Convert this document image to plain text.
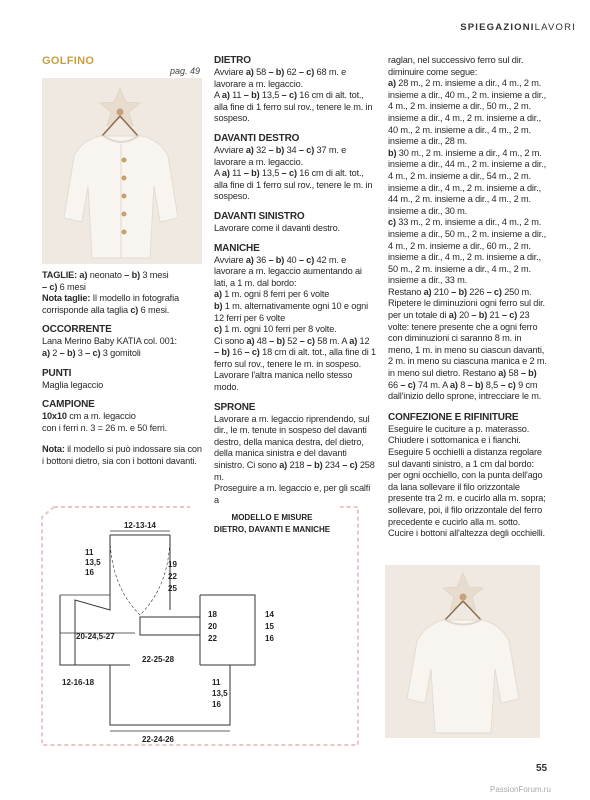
SPIEGAZIONILAVORI
GOLFINO
pag. 49

TAGLIE: a) neonato – b) 3 mesi

– c) 6 mesi

Nota taglie: Il modello in fotografia corrisponde alla taglia c) 6 mesi.

OCCORRENTE

Lana Merino Baby KATIA col. 001:

a) 2 – b) 3 – c) 3 gomitoli

PUNTI

Maglia legaccio

CAMPIONE

10x10 cm a m. legaccio

con i ferri n. 3 = 26 m. e 50 ferri.

Nota: il modello si può indossare sia con i bottoni dietro, sia con i bottoni davanti.

DIETRO

Avviare a) 58 – b) 62 – c) 68 m. e lavorare a m. legaccio.

A a) 11 – b) 13,5 – c) 16 cm di alt. tot., alla fine di 1 ferro sul rov., tenere le m. in sospeso.

DAVANTI DESTRO

Avviare a) 32 – b) 34 – c) 37 m. e lavorare a m. legaccio.

A a) 11 – b) 13,5 – c) 16 cm di alt. tot., alla fine di 1 ferro sul rov., tenere le m. in sospeso.

DAVANTI SINISTRO

Lavorare come il davanti destro.

MANICHE

Avviare a) 36 – b) 40 – c) 42 m. e lavorare a m. legaccio aumentando ai lati, a 1 m. dal bordo:

a) 1 m. ogni 8 ferri per 6 volte

b) 1 m. alternativamente ogni 10 e ogni 12 ferri per 6 volte

c) 1 m. ogni 10 ferri per 8 volte.

Ci sono a) 48 – b) 52 – c) 58 m. A a) 12 – b) 16 – c) 18 cm di alt. tot., alla fine di 1 ferro sul rov., tenere le m. in sospeso.

Lavorare l'altra manica nello stesso modo.

SPRONE

Lavorare a m. legaccio riprendendo, sul dir., le m. tenute in sospeso del davanti destro, della manica destra, del dietro, della manica sinistra e del davanti sinistro. Ci sono a) 218 – b) 234 – c) 258 m.

Proseguire a m. legaccio e, per gli scalfi a

raglan, nel successivo ferro sul dir. diminuire come segue:

a) 28 m., 2 m. insieme a dir., 4 m., 2 m. insieme a dir., 40 m., 2 m. insieme a dir., 4 m., 2 m. insieme a dir., 50 m., 2 m. insieme a dir., 4 m., 2 m. insieme a dir., 40 m., 2 m. insieme a dir., 4 m., 2 m. insieme a dir., 28 m.

b) 30 m., 2 m. insieme a dir., 4 m., 2 m. insieme a dir., 44 m., 2 m. insieme a dir., 4 m., 2 m. insieme a dir., 54 m., 2 m. insieme a dir., 4 m., 2 m. insieme a dir., 44 m., 2 m. insieme a dir., 4 m., 2 m. insieme a dir., 30 m.

c) 33 m., 2 m. insieme a dir., 4 m., 2 m. insieme a dir., 50 m., 2 m. insieme a dir., 4 m., 2 m. insieme a dir., 60 m., 2 m. insieme a dir., 4 m., 2 m. insieme a dir., 50 m., 2 m. insieme a dir., 4 m., 2 m. insieme a dir., 33 m.

Restano a) 210 – b) 226 – c) 250 m. Ripetere le diminuzioni ogni ferro sul dir. per un totale di a) 20 – b) 21 – c) 23 volte: tenere presente che a ogni ferro con diminuzioni ci saranno 8 m. in meno, 1 m. in meno su ciascun davanti, 2 m. in meno su ciascuna manica e 2 m. in meno sul dietro. Restano a) 58 – b) 66 – c) 74 m. A a) 8 – b) 8,5 – c) 9 cm dall'inizio dello sprone, intrecciare le m.

CONFEZIONE E RIFINITURE

Eseguire le cuciture a p. materasso. Chiudere i sottomanica e i fianchi. Eseguire 5 occhielli a distanza regolare sul davanti sinistro, a 1 cm dal bordo: per ogni occhiello, con la punta dell'ago da lana sollevare il filo orizzontale presente tra 2 m. e cucirlo alla m. sopra; sollevare, poi, il filo orizzontale del ferro precedente e cucirlo alla m. sotto. Cucire i bottoni all'altezza degli occhielli.

MODELLO E MISURE
DIETRO, DAVANTI E MANICHE
12-13-14
11
13,5
16
19
22
25
18
20
22
14
15
16
20-24,5-27
22-25-28
12-16-18	11
13,5
16
22-24-26
55
PassionForum.ru
